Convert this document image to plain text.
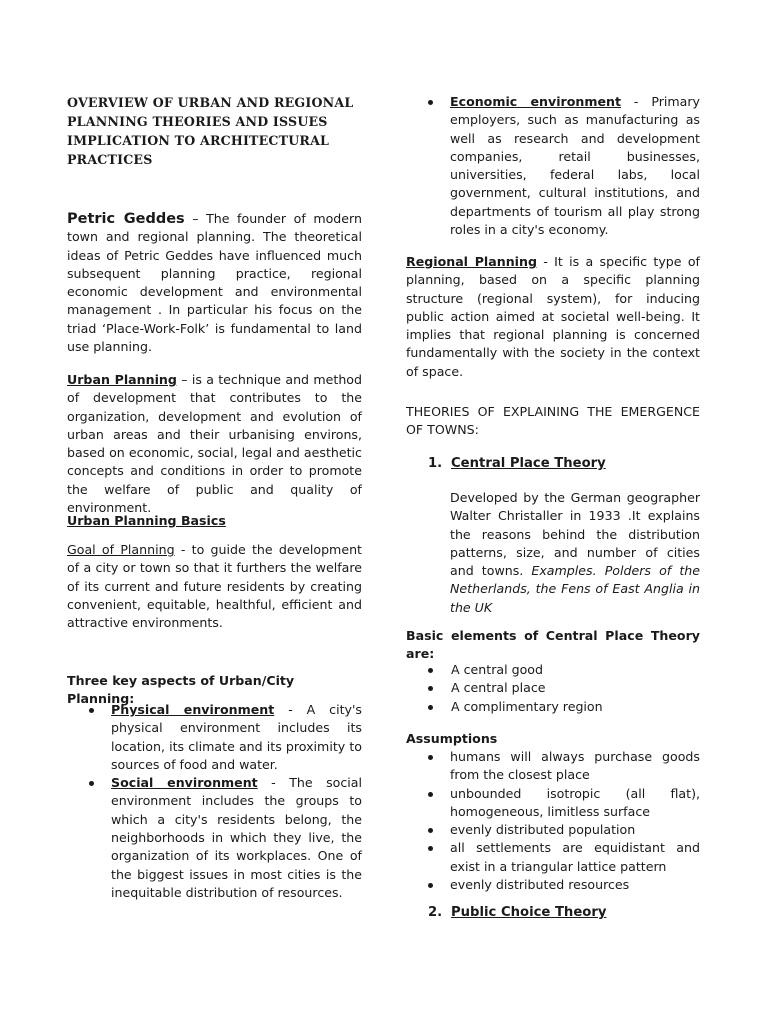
OVERVIEW OF URBAN AND REGIONAL PLANNING THEORIES AND ISSUES IMPLICATION TO ARCHITECTURAL PRACTICES

Petric Geddes – The founder of modern town and regional planning. The theoretical ideas of Petric Geddes have influenced much subsequent planning practice, regional economic development and environmental management . In particular his focus on the triad ‘Place-Work-Folk’ is fundamental to land use planning.

Urban Planning – is a technique and method of development that contributes to the organization, development and evolution of urban areas and their urbanising environs, based on economic, social, legal and aesthetic concepts and conditions in order to promote the welfare of public and quality of environment.

Urban Planning Basics

Goal of Planning - to guide the development of a city or town so that it furthers the welfare of its current and future residents by creating convenient, equitable, healthful, efficient and attractive environments.

Three key aspects of Urban/City Planning:

Physical environment - A city's physical environment includes its location, its climate and its proximity to sources of food and water.
Social environment - The social environment includes the groups to which a city's residents belong, the neighborhoods in which they live, the organization of its workplaces. One of the biggest issues in most cities is the inequitable distribution of resources.
Economic environment - Primary employers, such as manufacturing as well as research and development companies, retail businesses, universities, federal labs, local government, cultural institutions, and departments of tourism all play strong roles in a city's economy.

Regional Planning - It is a specific type of planning, based on a specific planning structure (regional system), for inducing public action aimed at societal well-being. It implies that regional planning is concerned fundamentally with the society in the context of space.

THEORIES OF EXPLAINING THE EMERGENCE OF TOWNS:

1. Central Place Theory

Developed by the German geographer Walter Christaller in 1933 .It explains the reasons behind the distribution patterns, size, and number of cities and towns. Examples. Polders of the Netherlands, the Fens of East Anglia in the UK

Basic elements of Central Place Theory are:

A central good
A central place
A complimentary region

Assumptions

humans will always purchase goods from the closest place
unbounded isotropic (all flat), homogeneous, limitless surface
evenly distributed population
all settlements are equidistant and exist in a triangular lattice pattern
evenly distributed resources

2. Public Choice Theory
